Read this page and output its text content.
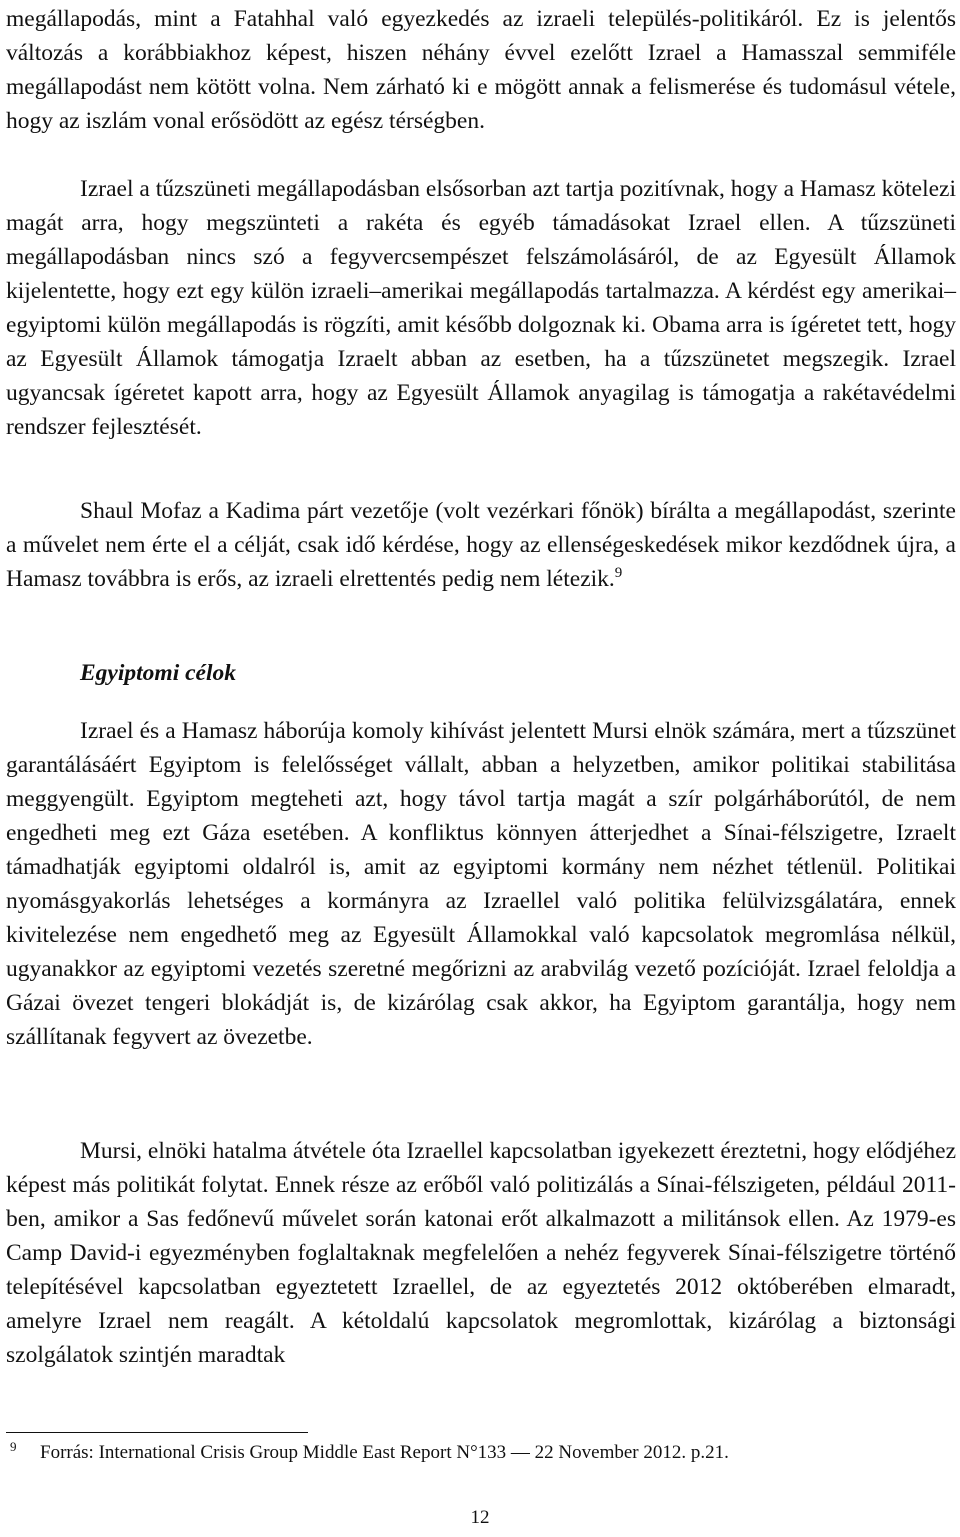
megállapodás, mint a Fatahhal való egyezkedés az izraeli település-politikáról. Ez is jelentős változás a korábbiakhoz képest, hiszen néhány évvel ezelőtt Izrael a Hamasszal semmiféle megállapodást nem kötött volna. Nem zárható ki e mögött annak a felismerése és tudomásul vétele, hogy az iszlám vonal erősödött az egész térségben.

Izrael a tűzszüneti megállapodásban elsősorban azt tartja pozitívnak, hogy a Hamasz kötelezi magát arra, hogy megszünteti a rakéta és egyéb támadásokat Izrael ellen. A tűzszüneti megállapodásban nincs szó a fegyvercsempészet felszámolásáról, de az Egyesült Államok kijelentette, hogy ezt egy külön izraeli–amerikai megállapodás tartalmazza. A kérdést egy amerikai–egyiptomi külön megállapodás is rögzíti, amit később dolgoznak ki. Obama arra is ígéretet tett, hogy az Egyesült Államok támogatja Izraelt abban az esetben, ha a tűzszünetet megszegik. Izrael ugyancsak ígéretet kapott arra, hogy az Egyesült Államok anyagilag is támogatja a rakétavédelmi rendszer fejlesztését.

Shaul Mofaz a Kadima párt vezetője (volt vezérkari főnök) bírálta a megállapodást, szerinte a művelet nem érte el a célját, csak idő kérdése, hogy az ellenségeskedések mikor kezdődnek újra, a Hamasz továbbra is erős, az izraeli elrettentés pedig nem létezik.$^9$

Egyiptomi célok

Izrael és a Hamasz háborúja komoly kihívást jelentett Mursi elnök számára, mert a tűzszünet garantálásáért Egyiptom is felelősséget vállalt, abban a helyzetben, amikor politikai stabilitása meggyengült. Egyiptom megteheti azt, hogy távol tartja magát a szír polgárháborútól, de nem engedheti meg ezt Gáza esetében. A konfliktus könnyen átterjedhet a Sínai-félszigetre, Izraelt támadhatják egyiptomi oldalról is, amit az egyiptomi kormány nem nézhet tétlenül. Politikai nyomásgyakorlás lehetséges a kormányra az Izraellel való politika felülvizsgálatára, ennek kivitelezése nem engedhető meg az Egyesült Államokkal való kapcsolatok megromlása nélkül, ugyanakkor az egyiptomi vezetés szeretné megőrizni az arabvilág vezető pozícióját. Izrael feloldja a Gázai övezet tengeri blokádját is, de kizárólag csak akkor, ha Egyiptom garantálja, hogy nem szállítanak fegyvert az övezetbe.

Mursi, elnöki hatalma átvétele óta Izraellel kapcsolatban igyekezett éreztetni, hogy elődjéhez képest más politikát folytat. Ennek része az erőből való politizálás a Sínai-félszigeten, például 2011-ben, amikor a Sas fedőnevű művelet során katonai erőt alkalmazott a militánsok ellen. Az 1979-es Camp David-i egyezményben foglaltaknak megfelelően a nehéz fegyverek Sínai-félszigetre történő telepítésével kapcsolatban egyeztetett Izraellel, de az egyeztetés 2012 októberében elmaradt, amelyre Izrael nem reagált. A kétoldalú kapcsolatok megromlottak, kizárólag a biztonsági szolgálatok szintjén maradtak

9 Forrás: International Crisis Group Middle East Report N°133 — 22 November 2012. p.21.
12
